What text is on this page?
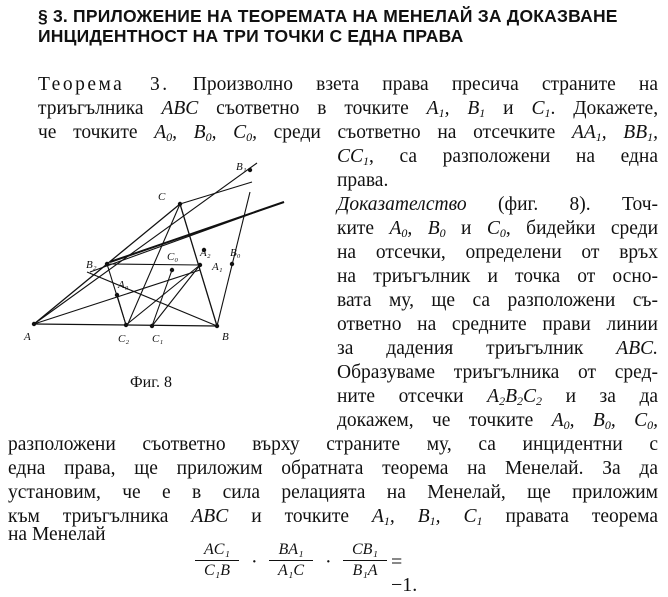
§ 3. ПРИЛОЖЕНИЕ НА ТЕОРЕМАТА НА МЕНЕЛАЙ ЗА ДОКАЗВАНЕ
ИНЦИДЕНТНОСТ НА ТРИ ТОЧКИ С ЕДНА ПРАВА
Теорема 3. Произволно взета права пресича страните на
триъгълника ABC съответно в точките $A_1$, $B_1$ и $C_1$. Докажете,
че точките $A_0$, $B_0$, $C_0$, среди съответно на отсечките $AA_1$, $BB_1$,
$CC_1$, са разположени на една
права.
A
C
B
B₁
B₀
A₁
A₂
C₀
B₂
A₀
C₂ C₁
Фиг. 8
Доказателство (фиг. 8). Точ-
ките $A_0$, $B_0$ и $C_0$, бидейки среди
на отсечки, определени от връх
на триъгълник и точка от осно-
вата му, ще са разположени съ-
ответно на средните прави линии
за дадения триъгълник ABC.
Образуваме триъгълника от сред-
ните отсечки $A_2B_2C_2$ и за да
докажем, че точките $A_0$, $B_0$, $C_0$,
разположени съответно върху страните му, са инцидентни с
една права, ще приложим обратната теорема на Менелай. За да
установим, че е в сила релацията на Менелай, ще приложим
към триъгълника ABC и точките $A_1$, $B_1$, $C_1$ правата теорема
на Менелай
$\frac{\text{AC₁}}{\text{C₁B}} \cdot \frac{\text{BA₁}}{\text{A₁C}} \cdot \frac{\text{CB₁}}{\text{B₁A}} = -1$.
